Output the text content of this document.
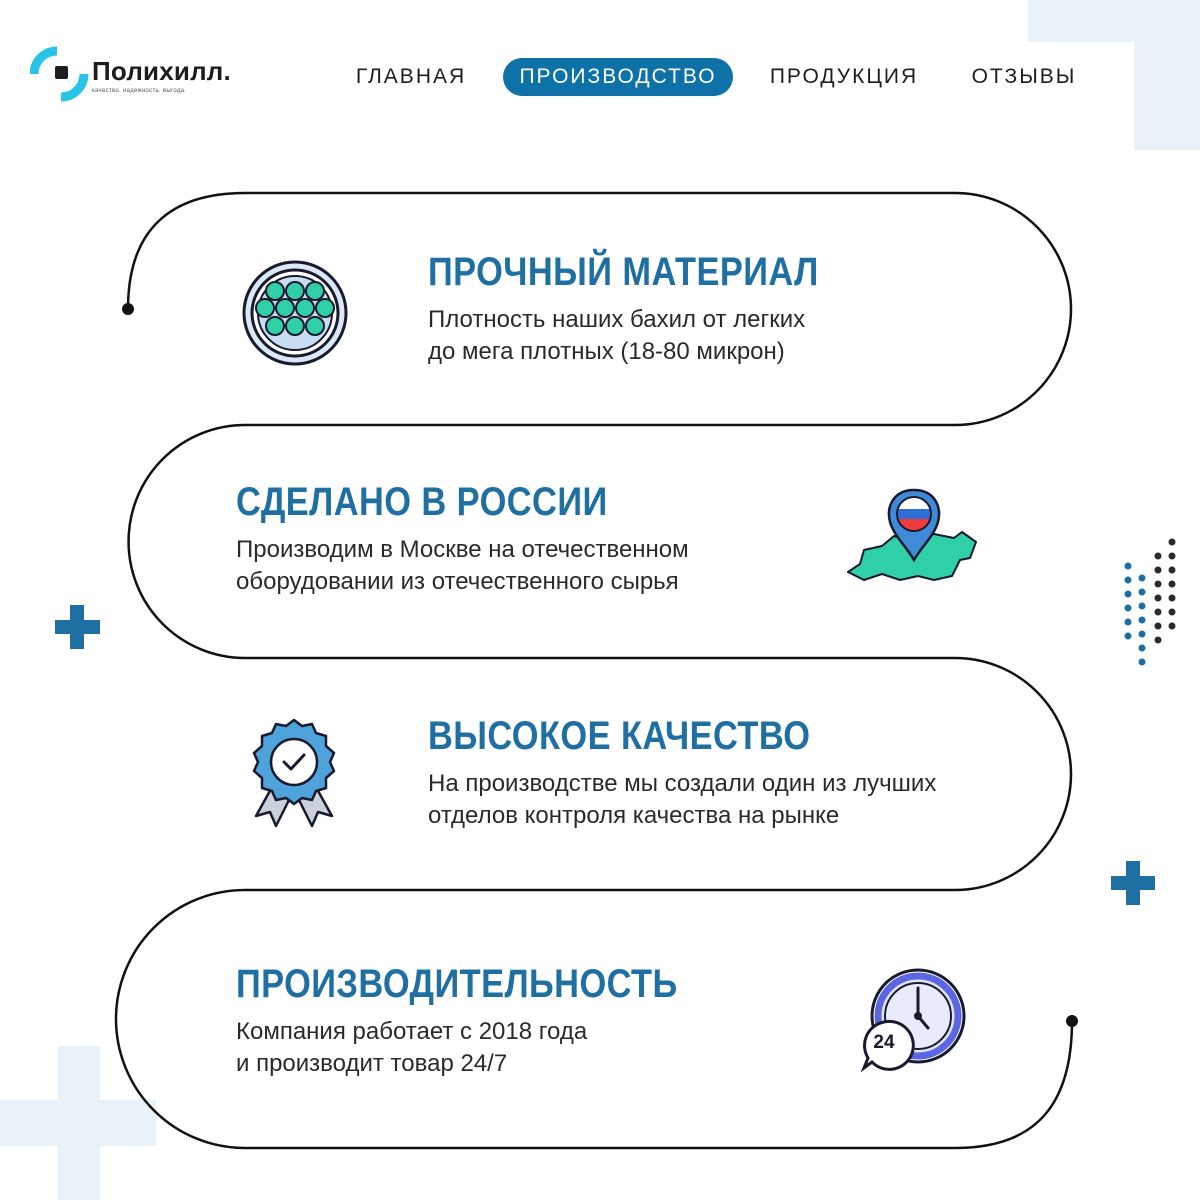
Полихилл.
качество. надежность. выгода.
ГЛАВНАЯ	ПРОИЗВОДСТВО	ПРОДУКЦИЯ	ОТЗЫВЫ
ПРОЧНЫЙ МАТЕРИАЛ
Плотность наших бахил от легких
до мега плотных (18-80 микрон)
СДЕЛАНО В РОССИИ
Производим в Москве на отечественном
оборудовании из отечественного сырья
ВЫСОКОЕ КАЧЕСТВО
На производстве мы создали один из лучших
отделов контроля качества на рынке
ПРОИЗВОДИТЕЛЬНОСТЬ
Компания работает с 2018 года
и производит товар 24/7
24
